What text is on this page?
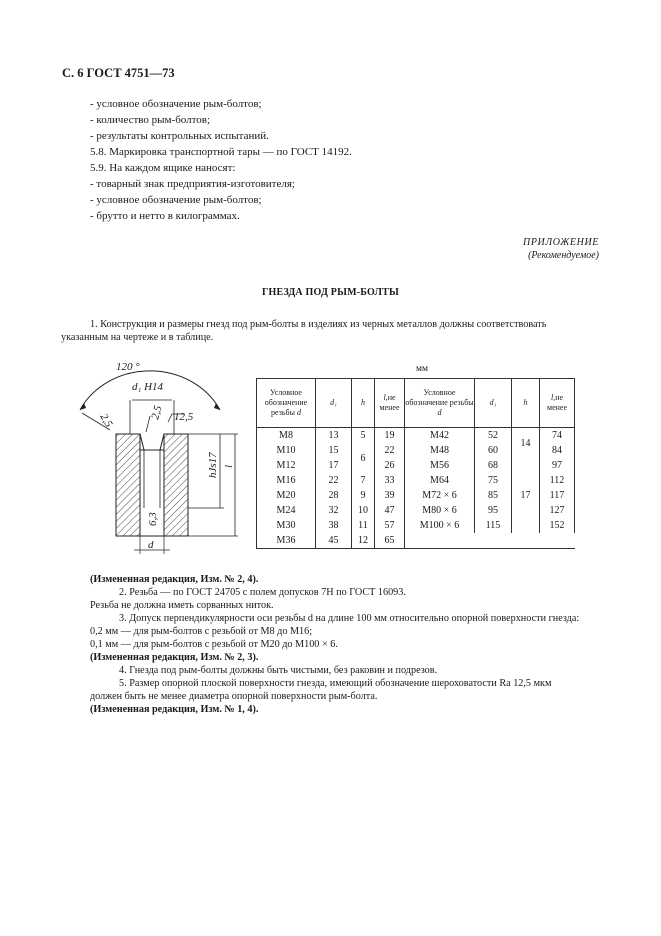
С. 6 ГОСТ 4751—73
- условное обозначение рым-болтов;
- количество рым-болтов;
- результаты контрольных испытаний.
5.8. Маркировка транспортной тары — по ГОСТ 14192.
5.9. На каждом ящике наносят:
- товарный знак предприятия-изготовителя;
- условное обозначение рым-болтов;
- брутто и нетто в килограммах.
ПРИЛОЖЕНИЕ
(Рекомендуемое)
ГНЕЗДА ПОД РЫМ-БОЛТЫ
1. Конструкция и размеры гнезд под рым-болты в изделиях из черных металлов должны соответствовать
указанным на чертеже и в таблице.
120 °
d₁ H14
2,5	2,5 12,5
hJs17 l
d
6,3
мм
Условное обозначение резьбы d	d₁	h	l,не менее	Условное обозначение резьбы d	d₁	h	l,не менее
М8	13	5	19	М42	52	14	74
М10	15	6	22	М48	60		84
М12	17		26	М56	68	17	97
М16	22	7	33	М64	75		112
М20	28	9	39	М72 × 6	85		117
М24	32	10	47	М80 × 6	95		127
М30	38	11	57	М100 × 6	115		152
М36	45	12	65				
(Измененная редакция, Изм. № 2, 4).
2. Резьба — по ГОСТ 24705 с полем допусков 7H по ГОСТ 16093.
Резьба не должна иметь сорванных ниток.
3. Допуск перпендикулярности оси резьбы d на длине 100 мм относительно опорной поверхности гнезда:
0,2 мм — для рым-болтов с резьбой от М8 до М16;
0,1 мм — для рым-болтов с резьбой от М20 до М100 × 6.
(Измененная редакция, Изм. № 2, 3).
4. Гнезда под рым-болты должны быть чистыми, без раковин и подрезов.
5. Размер опорной плоской поверхности гнезда, имеющий обозначение шероховатости Ra 12,5 мкм
должен быть не менее диаметра опорной поверхности рым-болта.
(Измененная редакция, Изм. № 1, 4).
